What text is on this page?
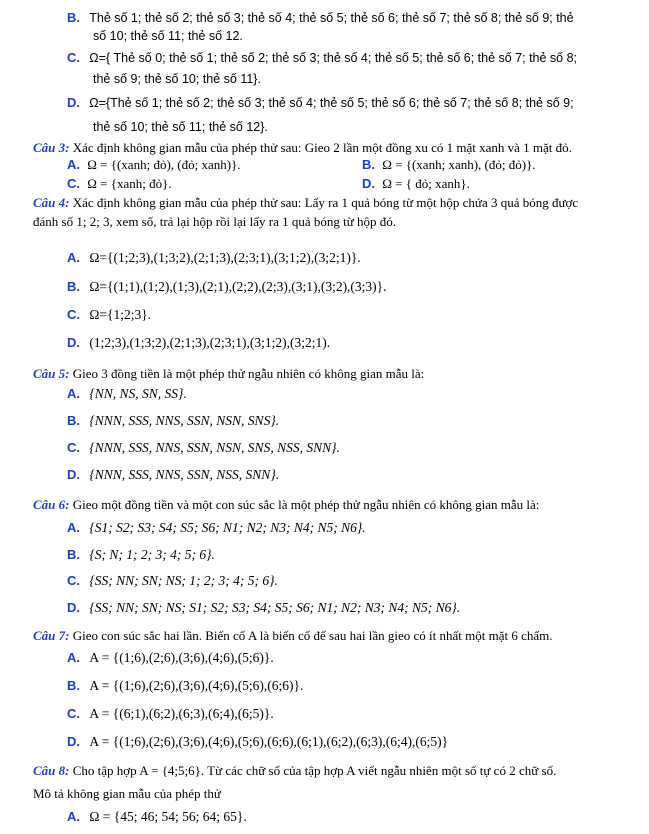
B. Thẻ số 1; thẻ số 2; thẻ số 3; thẻ số 4; thẻ số 5; thẻ số 6; thẻ số 7; thẻ số 8; thẻ số 9; thẻ
số 10; thẻ số 11; thẻ số 12.
C. Ω={ Thẻ số 0; thẻ số 1; thẻ số 2; thẻ số 3; thẻ số 4; thẻ số 5; thẻ số 6; thẻ số 7; thẻ số 8;
thẻ số 9; thẻ số 10; thẻ số 11}.
D. Ω={Thẻ số 1; thẻ số 2; thẻ số 3; thẻ số 4; thẻ số 5; thẻ số 6; thẻ số 7; thẻ số 8; thẻ số 9;
thẻ số 10; thẻ số 11; thẻ số 12}.
Câu 3: Xác định không gian mẫu của phép thử sau: Gieo 2 lần một đồng xu có 1 mặt xanh và 1 mặt đỏ.
A. Ω = {(xanh; đỏ), (đỏ; xanh)}.	B. Ω = {(xanh; xanh), (đỏ; đỏ)}.
C. Ω = {xanh; đỏ}.	D. Ω = { đỏ; xanh}.
Câu 4: Xác định không gian mẫu của phép thử sau: Lấy ra 1 quả bóng từ một hộp chứa 3 quả bóng được
đánh số 1; 2; 3, xem số, trả lại hộp rồi lại lấy ra 1 quả bóng từ hộp đó.
A. Ω={(1;2;3),(1;3;2),(2;1;3),(2;3;1),(3;1;2),(3;2;1)}.
B. Ω={(1;1),(1;2),(1;3),(2;1),(2;2),(2;3),(3;1),(3;2),(3;3)}.
C. Ω={1;2;3}.
D. (1;2;3),(1;3;2),(2;1;3),(2;3;1),(3;1;2),(3;2;1).
Câu 5: Gieo 3 đồng tiền là một phép thử ngẫu nhiên có không gian mẫu là:
A. {NN, NS, SN, SS}.
B. {NNN, SSS, NNS, SSN, NSN, SNS}.
C. {NNN, SSS, NNS, SSN, NSN, SNS, NSS, SNN}.
D. {NNN, SSS, NNS, SSN, NSS, SNN}.
Câu 6: Gieo một đồng tiền và một con súc sắc là một phép thử ngẫu nhiên có không gian mẫu là:
A. {S1; S2; S3; S4; S5; S6; N1; N2; N3; N4; N5; N6}.
B. {S; N; 1; 2; 3; 4; 5; 6}.
C. {SS; NN; SN; NS; 1; 2; 3; 4; 5; 6}.
D. {SS; NN; SN; NS; S1; S2; S3; S4; S5; S6; N1; N2; N3; N4; N5; N6}.
Câu 7: Gieo con súc sắc hai lần. Biến cố A là biến cố để sau hai lần gieo có ít nhất một mặt 6 chấm.
A. A = {(1;6),(2;6),(3;6),(4;6),(5;6)}.
B. A = {(1;6),(2;6),(3;6),(4;6),(5;6),(6;6)}.
C. A = {(6;1),(6;2),(6;3),(6;4),(6;5)}.
D. A = {(1;6),(2;6),(3;6),(4;6),(5;6),(6;6),(6;1),(6;2),(6;3),(6;4),(6;5)}
Câu 8: Cho tập hợp A = {4;5;6}. Từ các chữ số của tập hợp A viết ngẫu nhiên một số tự có 2 chữ số.
Mô tả không gian mẫu của phép thử
A. Ω = {45; 46; 54; 56; 64; 65}.
